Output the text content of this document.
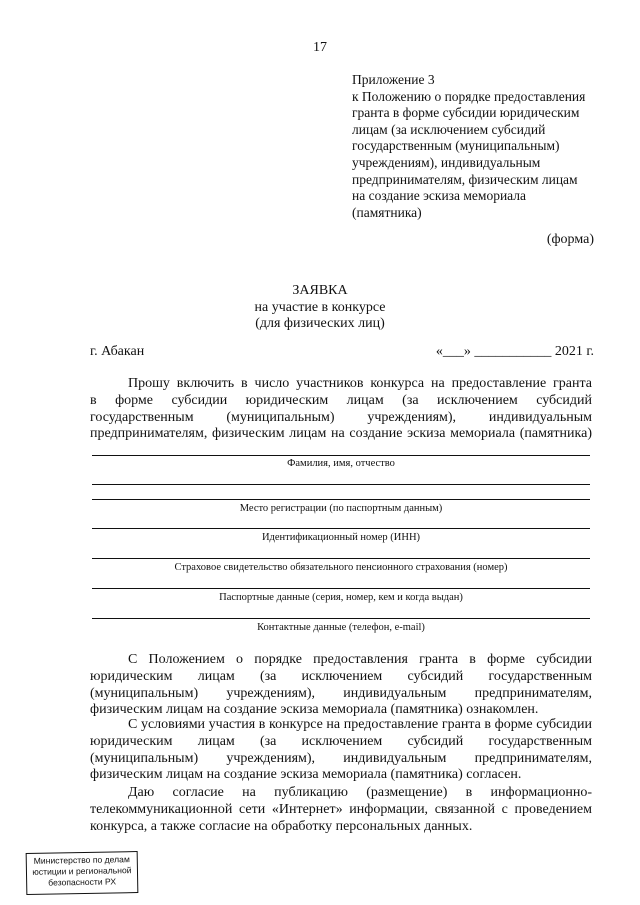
17
Приложение 3
к Положению о порядке предоставления
гранта в форме субсидии юридическим
лицам (за исключением субсидий
государственным (муниципальным)
учреждениям), индивидуальным
предпринимателям, физическим лицам
на создание эскиза мемориала
(памятника)
(форма)
ЗАЯВКА
на участие в конкурсе
(для физических лиц)
г. Абакан	«___» ___________ 2021 г.
Прошу включить в число участников конкурса на предоставление гранта
в форме субсидии юридическим лицам (за исключением субсидий
государственным (муниципальным) учреждениям), индивидуальным
предпринимателям, физическим лицам на создание эскиза мемориала (памятника)
Фамилия, имя, отчество
Место регистрации (по паспортным данным)
Идентификационный номер (ИНН)
Страховое свидетельство обязательного пенсионного страхования (номер)
Паспортные данные (серия, номер, кем и когда выдан)
Контактные данные (телефон, e-mail)
С Положением о порядке предоставления гранта в форме субсидии
юридическим лицам (за исключением субсидий государственным
(муниципальным) учреждениям), индивидуальным предпринимателям,
физическим лицам на создание эскиза мемориала (памятника) ознакомлен.
С условиями участия в конкурсе на предоставление гранта в форме субсидии
юридическим лицам (за исключением субсидий государственным
(муниципальным) учреждениям), индивидуальным предпринимателям,
физическим лицам на создание эскиза мемориала (памятника) согласен.
Даю согласие на публикацию (размещение) в информационно-
телекоммуникационной сети «Интернет» информации, связанной с проведением
конкурса, а также согласие на обработку персональных данных.
Министерство по делам
юстиции и региональной
безопасности РХ
